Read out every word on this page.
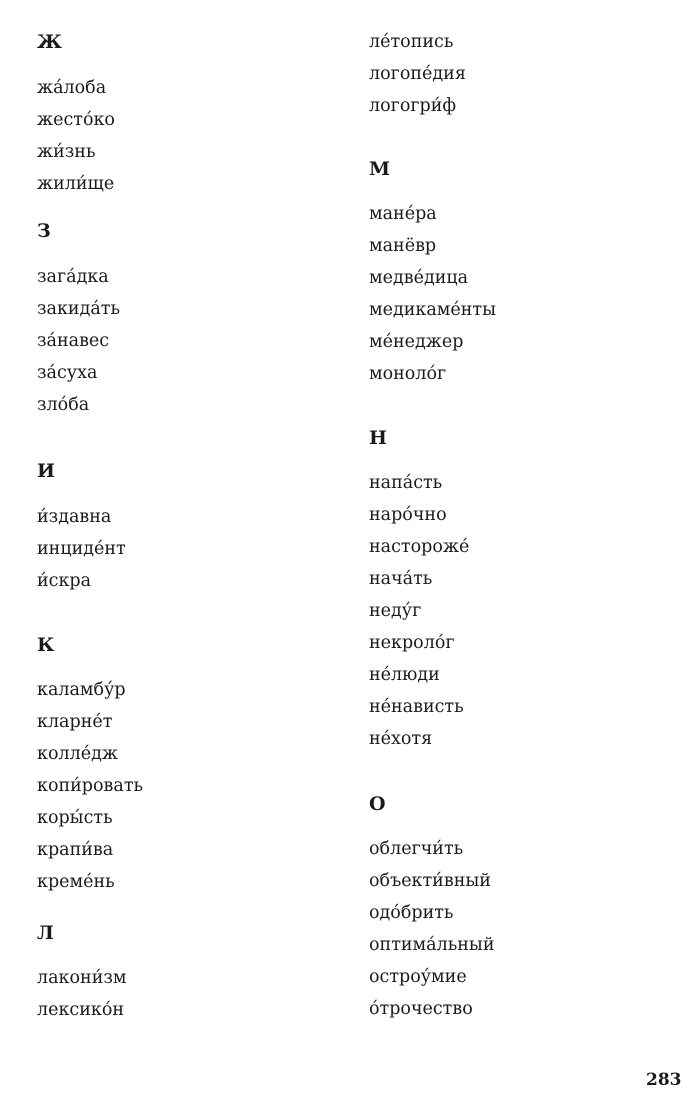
Ж
жа́лоба
жесто́ко
жи́знь
жили́ще
З
зага́дка
закида́ть
за́навес
за́суха
зло́ба
И
и́здавна
инциде́нт
и́скра
К
каламбу́р
кларне́т
колле́дж
копи́ровать
коры́сть
крапи́ва
креме́нь
Л
лакони́зм
лексико́н
ле́топись
логопе́дия
логогри́ф
М
мане́ра
манёвр
медве́дица
медикаме́нты
ме́неджер
моноло́г
Н
напа́сть
наро́чно
настороже́
нача́ть
неду́г
некроло́г
не́люди
не́нависть
не́хотя
О
облегчи́ть
объекти́вный
одо́брить
оптима́льный
остроу́мие
о́трочество
283
